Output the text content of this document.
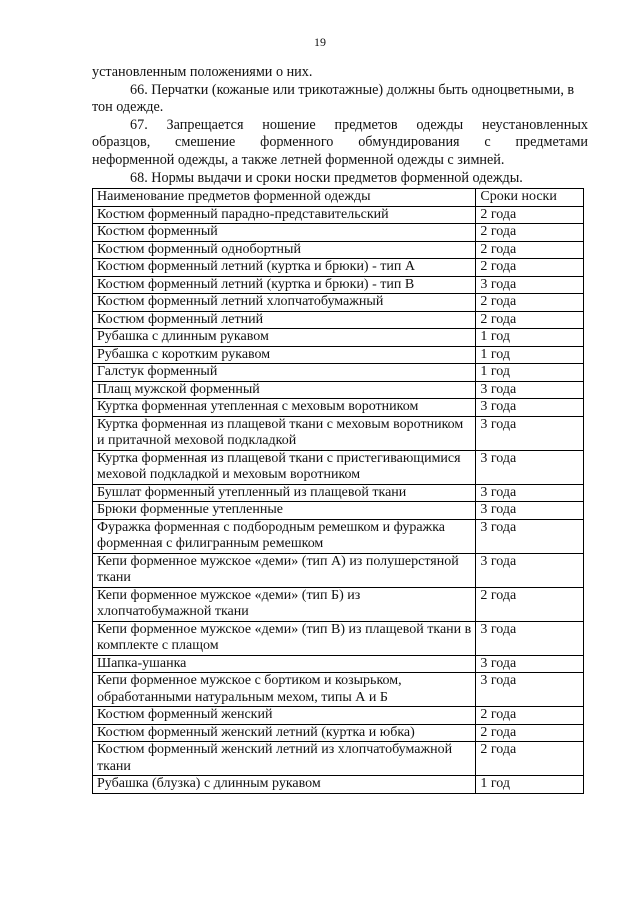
19

установленным положениями о них.

66. Перчатки (кожаные или трикотажные) должны быть одноцветными, в тон одежде.

67. Запрещается ношение предметов одежды неустановленных

образцов, смешение форменного обмундирования с предметами

неформенной одежды, а также летней форменной одежды с зимней.

68. Нормы выдачи и сроки носки предметов форменной одежды.

Наименование предметов форменной одежды	Сроки носки
Костюм форменный парадно-представительский	2 года
Костюм форменный	2 года
Костюм форменный однобортный	2 года
Костюм форменный летний (куртка и брюки) - тип А	2 года
Костюм форменный летний (куртка и брюки) - тип В	3 года
Костюм форменный летний хлопчатобумажный	2 года
Костюм форменный летний	2 года
Рубашка с длинным рукавом	1 год
Рубашка с коротким рукавом	1 год
Галстук форменный	1 год
Плащ мужской форменный	3 года
Куртка форменная утепленная с меховым воротником	3 года
Куртка форменная из плащевой ткани с меховым воротником и притачной меховой подкладкой	3 года
Куртка форменная из плащевой ткани с пристегивающимися меховой подкладкой и меховым воротником	3 года
Бушлат форменный утепленный из плащевой ткани	3 года
Брюки форменные утепленные	3 года
Фуражка форменная с подбородным ремешком и фуражка форменная с филигранным ремешком	3 года
Кепи форменное мужское «деми» (тип А) из полушерстяной ткани	3 года
Кепи форменное мужское «деми» (тип Б) из хлопчатобумажной ткани	2 года
Кепи форменное мужское «деми» (тип В) из плащевой ткани в комплекте с плащом	3 года
Шапка-ушанка	3 года
Кепи форменное мужское с бортиком и козырьком, обработанными натуральным мехом, типы А и Б	3 года
Костюм форменный женский	2 года
Костюм форменный женский летний (куртка и юбка)	2 года
Костюм форменный женский летний из хлопчатобумажной ткани	2 года
Рубашка (блузка) с длинным рукавом	1 год
